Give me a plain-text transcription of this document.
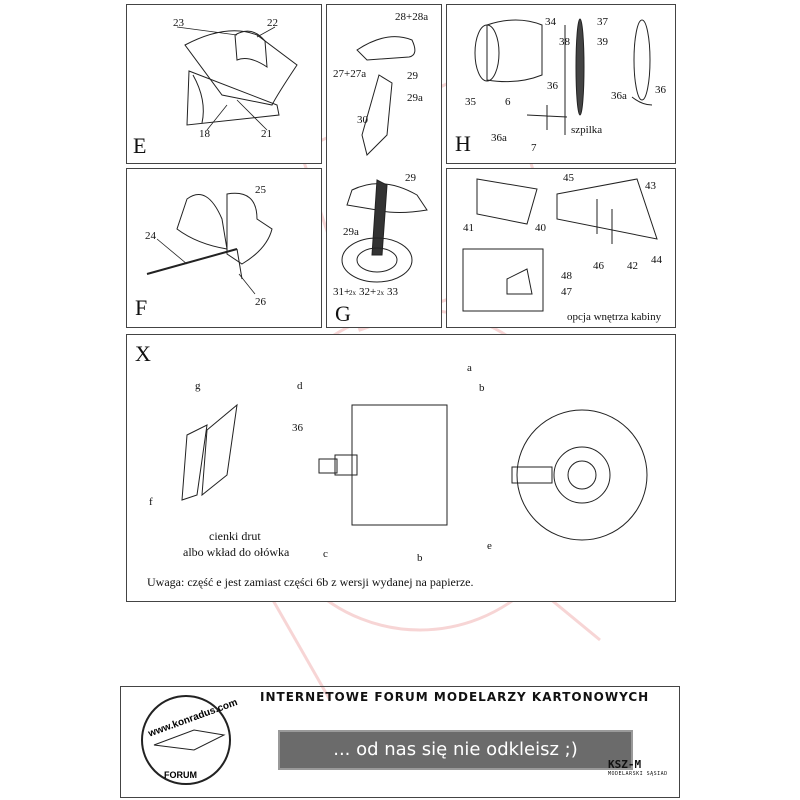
23	22
18	21
E
28+28a
27+27a	29
29a
30
29
29a
31+
2x 32+ 2x 33
G
34	37
38 39
36	36
35	6	36a
36a
7
szpilka
H
25
24
26
F
45
43
41	40
46 42 44
48
47
opcja wnętrza kabiny
g	d
36
a
b
f
c	b
e
X
cienki drut
albo wkład do ołówka
Uwaga: część e jest zamiast części 6b z wersji wydanej na papierze.
www.konradus.com
FORUM
INTERNETOWE FORUM MODELARZY KARTONOWYCH
... od nas się nie odkleisz ;)
KSZ-M
MODELARSKI SĄSIAD
